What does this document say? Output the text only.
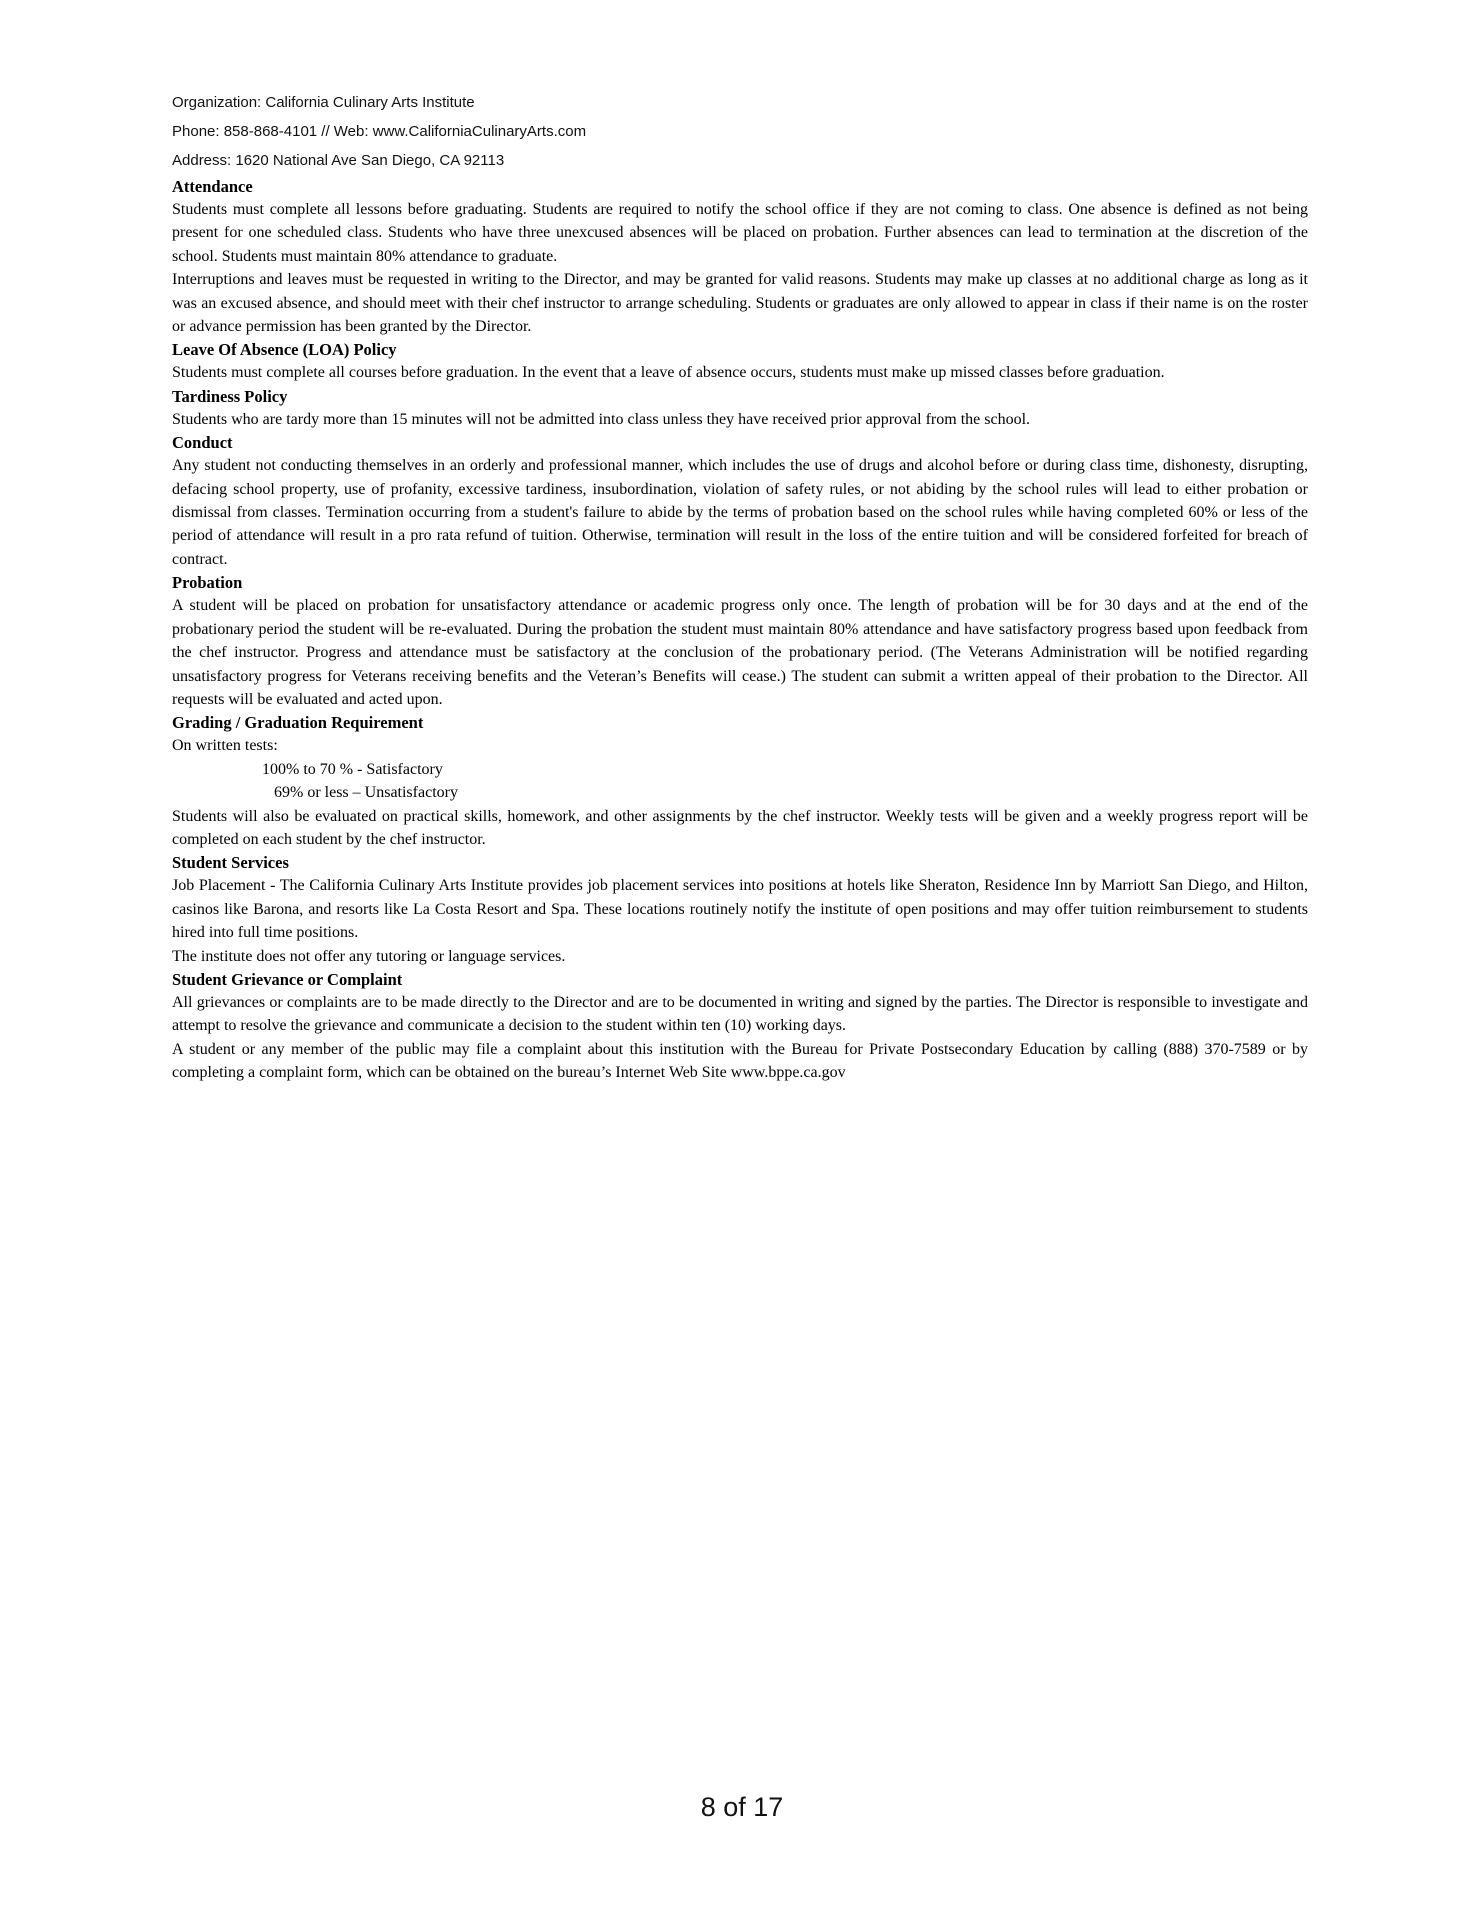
Organization: California Culinary Arts Institute

Phone: 858-868-4101 // Web: www.CaliforniaCulinaryArts.com

Address: 1620 National Ave San Diego, CA 92113

Attendance

Students must complete all lessons before graduating. Students are required to notify the school office if they are not coming to class. One absence is defined as not being present for one scheduled class. Students who have three unexcused absences will be placed on probation. Further absences can lead to termination at the discretion of the school. Students must maintain 80% attendance to graduate.

Interruptions and leaves must be requested in writing to the Director, and may be granted for valid reasons. Students may make up classes at no additional charge as long as it was an excused absence, and should meet with their chef instructor to arrange scheduling. Students or graduates are only allowed to appear in class if their name is on the roster or advance permission has been granted by the Director.

Leave Of Absence (LOA) Policy

Students must complete all courses before graduation. In the event that a leave of absence occurs, students must make up missed classes before graduation.

Tardiness Policy

Students who are tardy more than 15 minutes will not be admitted into class unless they have received prior approval from the school.

Conduct

Any student not conducting themselves in an orderly and professional manner, which includes the use of drugs and alcohol before or during class time, dishonesty, disrupting, defacing school property, use of profanity, excessive tardiness, insubordination, violation of safety rules, or not abiding by the school rules will lead to either probation or dismissal from classes. Termination occurring from a student's failure to abide by the terms of probation based on the school rules while having completed 60% or less of the period of attendance will result in a pro rata refund of tuition. Otherwise, termination will result in the loss of the entire tuition and will be considered forfeited for breach of contract.

Probation

A student will be placed on probation for unsatisfactory attendance or academic progress only once. The length of probation will be for 30 days and at the end of the probationary period the student will be re-evaluated. During the probation the student must maintain 80% attendance and have satisfactory progress based upon feedback from the chef instructor. Progress and attendance must be satisfactory at the conclusion of the probationary period. (The Veterans Administration will be notified regarding unsatisfactory progress for Veterans receiving benefits and the Veteran’s Benefits will cease.) The student can submit a written appeal of their probation to the Director. All requests will be evaluated and acted upon.

Grading / Graduation Requirement

On written tests:

100% to 70 % - Satisfactory

69% or less – Unsatisfactory

Students will also be evaluated on practical skills, homework, and other assignments by the chef instructor. Weekly tests will be given and a weekly progress report will be completed on each student by the chef instructor.

Student Services

Job Placement - The California Culinary Arts Institute provides job placement services into positions at hotels like Sheraton, Residence Inn by Marriott San Diego, and Hilton, casinos like Barona, and resorts like La Costa Resort and Spa. These locations routinely notify the institute of open positions and may offer tuition reimbursement to students hired into full time positions.

The institute does not offer any tutoring or language services.

Student Grievance or Complaint

All grievances or complaints are to be made directly to the Director and are to be documented in writing and signed by the parties. The Director is responsible to investigate and attempt to resolve the grievance and communicate a decision to the student within ten (10) working days.

A student or any member of the public may file a complaint about this institution with the Bureau for Private Postsecondary Education by calling (888) 370-7589 or by completing a complaint form, which can be obtained on the bureau’s Internet Web Site www.bppe.ca.gov

8 of 17
